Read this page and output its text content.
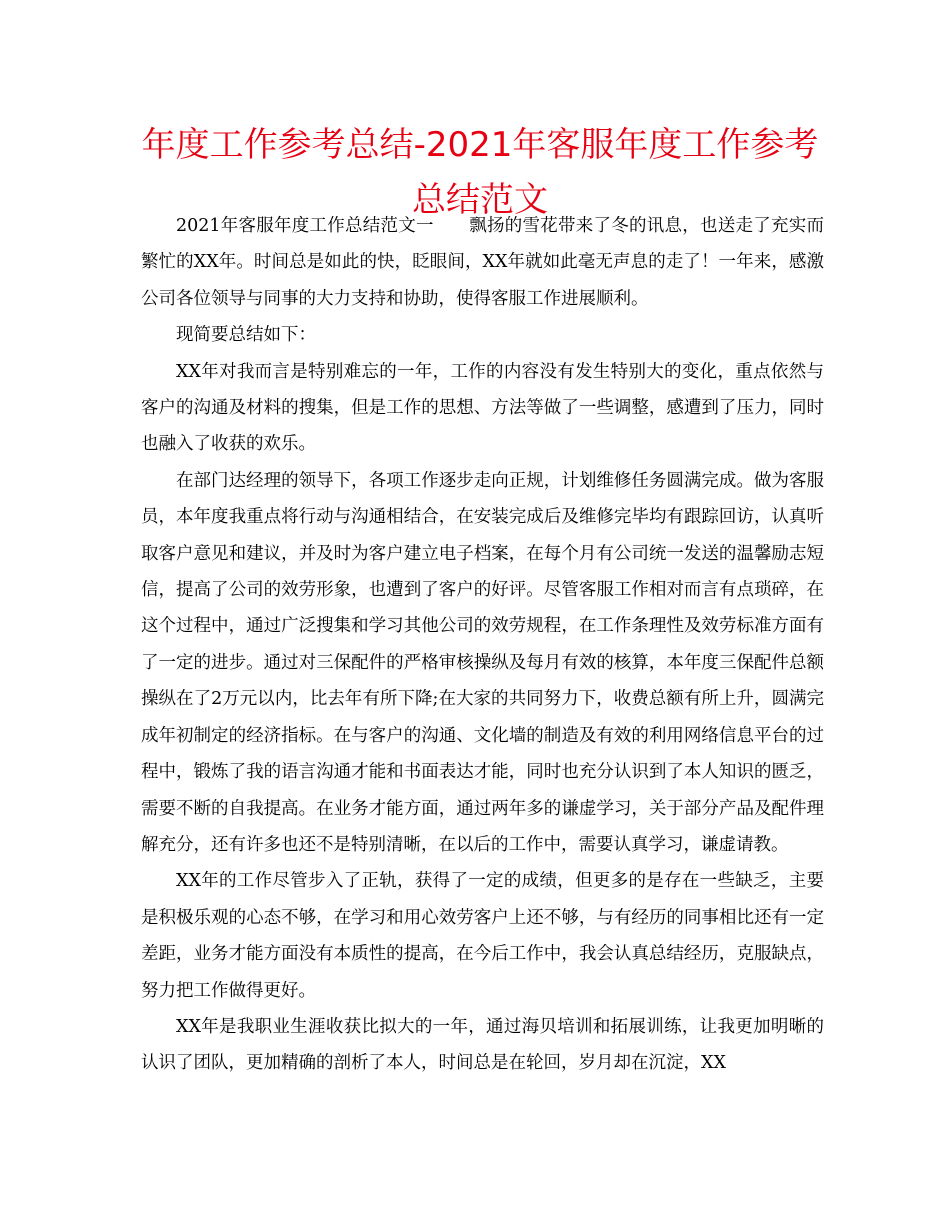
年度工作参考总结-2021年客服年度工作参考总结范文

2021年客服年度工作总结范文一　　飘扬的雪花带来了冬的讯息，也送走了充实而繁忙的XX年。时间总是如此的快，眨眼间，XX年就如此毫无声息的走了！一年来，感激公司各位领导与同事的大力支持和协助，使得客服工作进展顺利。

现简要总结如下：

XX年对我而言是特别难忘的一年，工作的内容没有发生特别大的变化，重点依然与客户的沟通及材料的搜集，但是工作的思想、方法等做了一些调整，感遭到了压力，同时也融入了收获的欢乐。

在部门达经理的领导下，各项工作逐步走向正规，计划维修任务圆满完成。做为客服员，本年度我重点将行动与沟通相结合，在安装完成后及维修完毕均有跟踪回访，认真听取客户意见和建议，并及时为客户建立电子档案，在每个月有公司统一发送的温馨励志短信，提高了公司的效劳形象，也遭到了客户的好评。尽管客服工作相对而言有点琐碎，在这个过程中，通过广泛搜集和学习其他公司的效劳规程，在工作条理性及效劳标准方面有了一定的进步。通过对三保配件的严格审核操纵及每月有效的核算，本年度三保配件总额操纵在了2万元以内，比去年有所下降;在大家的共同努力下，收费总额有所上升，圆满完成年初制定的经济指标。在与客户的沟通、文化墙的制造及有效的利用网络信息平台的过程中，锻炼了我的语言沟通才能和书面表达才能，同时也充分认识到了本人知识的匮乏，需要不断的自我提高。在业务才能方面，通过两年多的谦虚学习，关于部分产品及配件理解充分，还有许多也还不是特别清晰，在以后的工作中，需要认真学习，谦虚请教。

XX年的工作尽管步入了正轨，获得了一定的成绩，但更多的是存在一些缺乏，主要是积极乐观的心态不够，在学习和用心效劳客户上还不够，与有经历的同事相比还有一定差距，业务才能方面没有本质性的提高，在今后工作中，我会认真总结经历，克服缺点，努力把工作做得更好。

XX年是我职业生涯收获比拟大的一年，通过海贝培训和拓展训练，让我更加明晰的认识了团队，更加精确的剖析了本人，时间总是在轮回，岁月却在沉淀，XX
